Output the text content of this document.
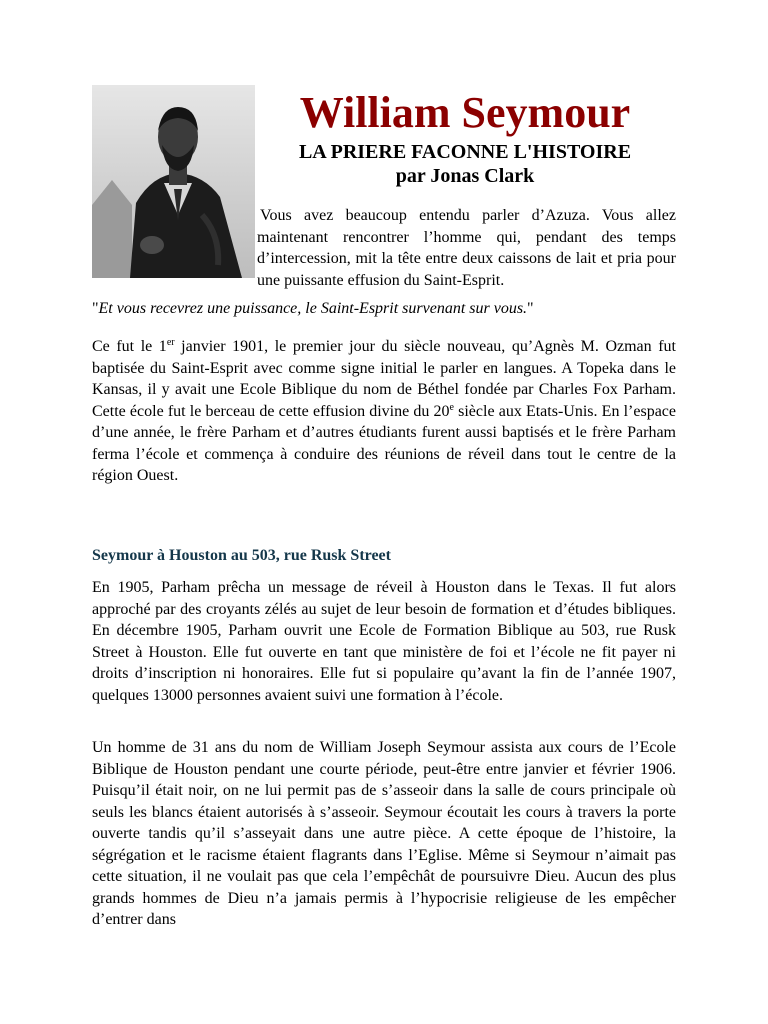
William Seymour
LA PRIERE FACONNE L'HISTOIRE
par Jonas Clark

Vous avez beaucoup entendu parler d’Azuza. Vous allez maintenant rencontrer l’homme qui, pendant des temps d’intercession, mit la tête entre deux caissons de lait et pria pour une puissante effusion du Saint-Esprit.

"Et vous recevrez une puissance, le Saint-Esprit survenant sur vous."

Ce fut le 1er janvier 1901, le premier jour du siècle nouveau, qu’Agnès M. Ozman fut baptisée du Saint-Esprit avec comme signe initial le parler en langues. A Topeka dans le Kansas, il y avait une Ecole Biblique du nom de Béthel fondée par Charles Fox Parham. Cette école fut le berceau de cette effusion divine du 20e siècle aux Etats-Unis. En l’espace d’une année, le frère Parham et d’autres étudiants furent aussi baptisés et le frère Parham ferma l’école et commença à conduire des réunions de réveil dans tout le centre de la région Ouest.

Seymour à Houston au 503, rue Rusk Street

En 1905, Parham prêcha un message de réveil à Houston dans le Texas. Il fut alors approché par des croyants zélés au sujet de leur besoin de formation et d’études bibliques. En décembre 1905, Parham ouvrit une Ecole de Formation Biblique au 503, rue Rusk Street à Houston. Elle fut ouverte en tant que ministère de foi et l’école ne fit payer ni droits d’inscription ni honoraires. Elle fut si populaire qu’avant la fin de l’année 1907, quelques 13000 personnes avaient suivi une formation à l’école.

Un homme de 31 ans du nom de William Joseph Seymour assista aux cours de l’Ecole Biblique de Houston pendant une courte période, peut-être entre janvier et février 1906. Puisqu’il était noir, on ne lui permit pas de s’asseoir dans la salle de cours principale où seuls les blancs étaient autorisés à s’asseoir. Seymour écoutait les cours à travers la porte ouverte tandis qu’il s’asseyait dans une autre pièce. A cette époque de l’histoire, la ségrégation et le racisme étaient flagrants dans l’Eglise. Même si Seymour n’aimait pas cette situation, il ne voulait pas que cela l’empêchât de poursuivre Dieu. Aucun des plus grands hommes de Dieu n’a jamais permis à l’hypocrisie religieuse de les empêcher d’entrer dans
